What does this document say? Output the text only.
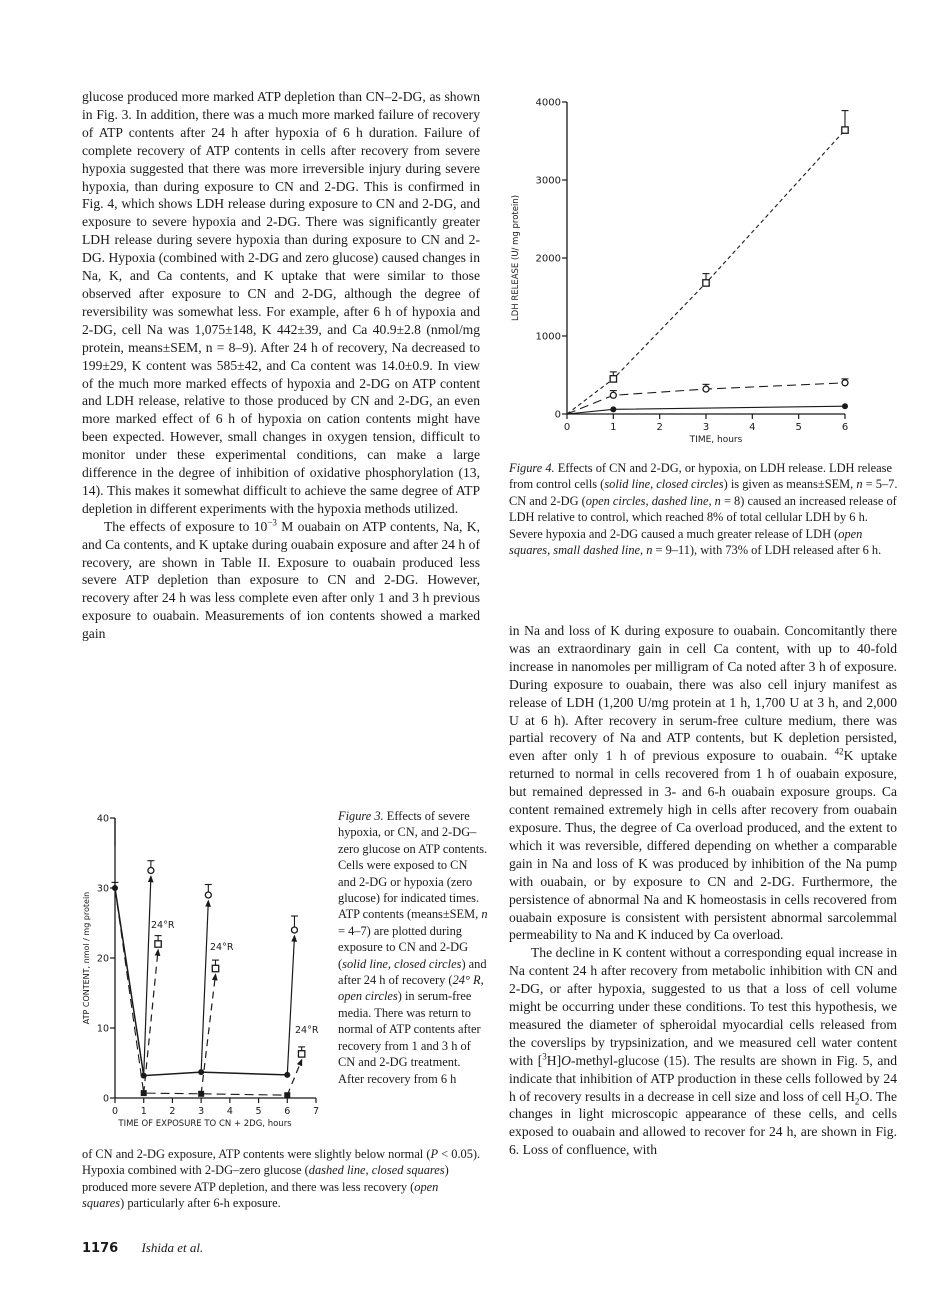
glucose produced more marked ATP depletion than CN–2-DG, as shown in Fig. 3. In addition, there was a much more marked failure of recovery of ATP contents after 24 h after hypoxia of 6 h duration. Failure of complete recovery of ATP contents in cells after recovery from severe hypoxia suggested that there was more irreversible injury during severe hypoxia, than during exposure to CN and 2-DG. This is confirmed in Fig. 4, which shows LDH release during exposure to CN and 2-DG, and exposure to severe hypoxia and 2-DG. There was significantly greater LDH release during severe hypoxia than during exposure to CN and 2-DG. Hypoxia (combined with 2-DG and zero glucose) caused changes in Na, K, and Ca contents, and K uptake that were similar to those observed after exposure to CN and 2-DG, although the degree of reversibility was somewhat less. For example, after 6 h of hypoxia and 2-DG, cell Na was 1,075±148, K 442±39, and Ca 40.9±2.8 (nmol/mg protein, means±SEM, n = 8–9). After 24 h of recovery, Na decreased to 199±29, K content was 585±42, and Ca content was 14.0±0.9. In view of the much more marked effects of hypoxia and 2-DG on ATP content and LDH release, relative to those produced by CN and 2-DG, an even more marked effect of 6 h of hypoxia on cation contents might have been expected. However, small changes in oxygen tension, difficult to monitor under these experimental conditions, can make a large difference in the degree of inhibition of oxidative phosphorylation (13, 14). This makes it somewhat difficult to achieve the same degree of ATP depletion in different experiments with the hypoxia methods utilized.

The effects of exposure to $10^{-3}$ M ouabain on ATP contents, Na, K, and Ca contents, and K uptake during ouabain exposure and after 24 h of recovery, are shown in Table II. Exposure to ouabain produced less severe ATP depletion than exposure to CN and 2-DG. However, recovery after 24 h was less complete even after only 1 and 3 h previous exposure to ouabain. Measurements of ion contents showed a marked gain

0
1000
2000
3000
4000
0	1	2	3	4	5	6
TIME, hours
LDH RELEASE (U/ mg protein)
Figure 4. Effects of CN and 2-DG, or hypoxia, on LDH release. LDH release from control cells (solid line, closed circles) is given as means±SEM, n = 5–7. CN and 2-DG (open circles, dashed line, n = 8) caused an increased release of LDH relative to control, which reached 8% of total cellular LDH by 6 h. Severe hypoxia and 2-DG caused a much greater release of LDH (open squares, small dashed line, n = 9–11), with 73% of LDH released after 6 h.

in Na and loss of K during exposure to ouabain. Concomitantly there was an extraordinary gain in cell Ca content, with up to 40-fold increase in nanomoles per milligram of Ca noted after 3 h of exposure. During exposure to ouabain, there was also cell injury manifest as release of LDH (1,200 U/mg protein at 1 h, 1,700 U at 3 h, and 2,000 U at 6 h). After recovery in serum-free culture medium, there was partial recovery of Na and ATP contents, but K depletion persisted, even after only 1 h of previous exposure to ouabain. $^{42}$K uptake returned to normal in cells recovered from 1 h of ouabain exposure, but remained depressed in 3- and 6-h ouabain exposure groups. Ca content remained extremely high in cells after recovery from ouabain exposure. Thus, the degree of Ca overload produced, and the extent to which it was reversible, differed depending on whether a comparable gain in Na and loss of K was produced by inhibition of the Na pump with ouabain, or by exposure to CN and 2-DG. Furthermore, the persistence of abnormal Na and K homeostasis in cells recovered from ouabain exposure is consistent with persistent abnormal sarcolemmal permeability to Na and K induced by Ca overload.

The decline in K content without a corresponding equal increase in Na content 24 h after recovery from metabolic inhibition with CN and 2-DG, or after hypoxia, suggested to us that a loss of cell volume might be occurring under these conditions. To test this hypothesis, we measured the diameter of spheroidal myocardial cells released from the coverslips by trypsinization, and we measured cell water content with [$^3$H]O-methyl-glucose (15). The results are shown in Fig. 5, and indicate that inhibition of ATP production in these cells followed by 24 h of recovery results in a decrease in cell size and loss of cell $H_2O$. The changes in light microscopic appearance of these cells, and cells exposed to ouabain and allowed to recover for 24 h, are shown in Fig. 6. Loss of confluence, with

0
10
20
30
40
0 1 2 3 4 5 6 7
TIME OF EXPOSURE TO CN + 2DG, hours
ATP CONTENT, nmol / mg protein	24°R
24°R
24°R
Figure 3. Effects of severe hypoxia, or CN, and 2-DG–zero glucose on ATP contents. Cells were exposed to CN and 2-DG or hypoxia (zero glucose) for indicated times. ATP contents (means±SEM, n = 4–7) are plotted during exposure to CN and 2-DG (solid line, closed circles) and after 24 h of recovery (24° R, open circles) in serum-free media. There was return to normal of ATP contents after recovery from 1 and 3 h of CN and 2-DG treatment. After recovery from 6 h
of CN and 2-DG exposure, ATP contents were slightly below normal (P < 0.05). Hypoxia combined with 2-DG–zero glucose (dashed line, closed squares) produced more severe ATP depletion, and there was less recovery (open squares) particularly after 6-h exposure.
1176 Ishida et al.
